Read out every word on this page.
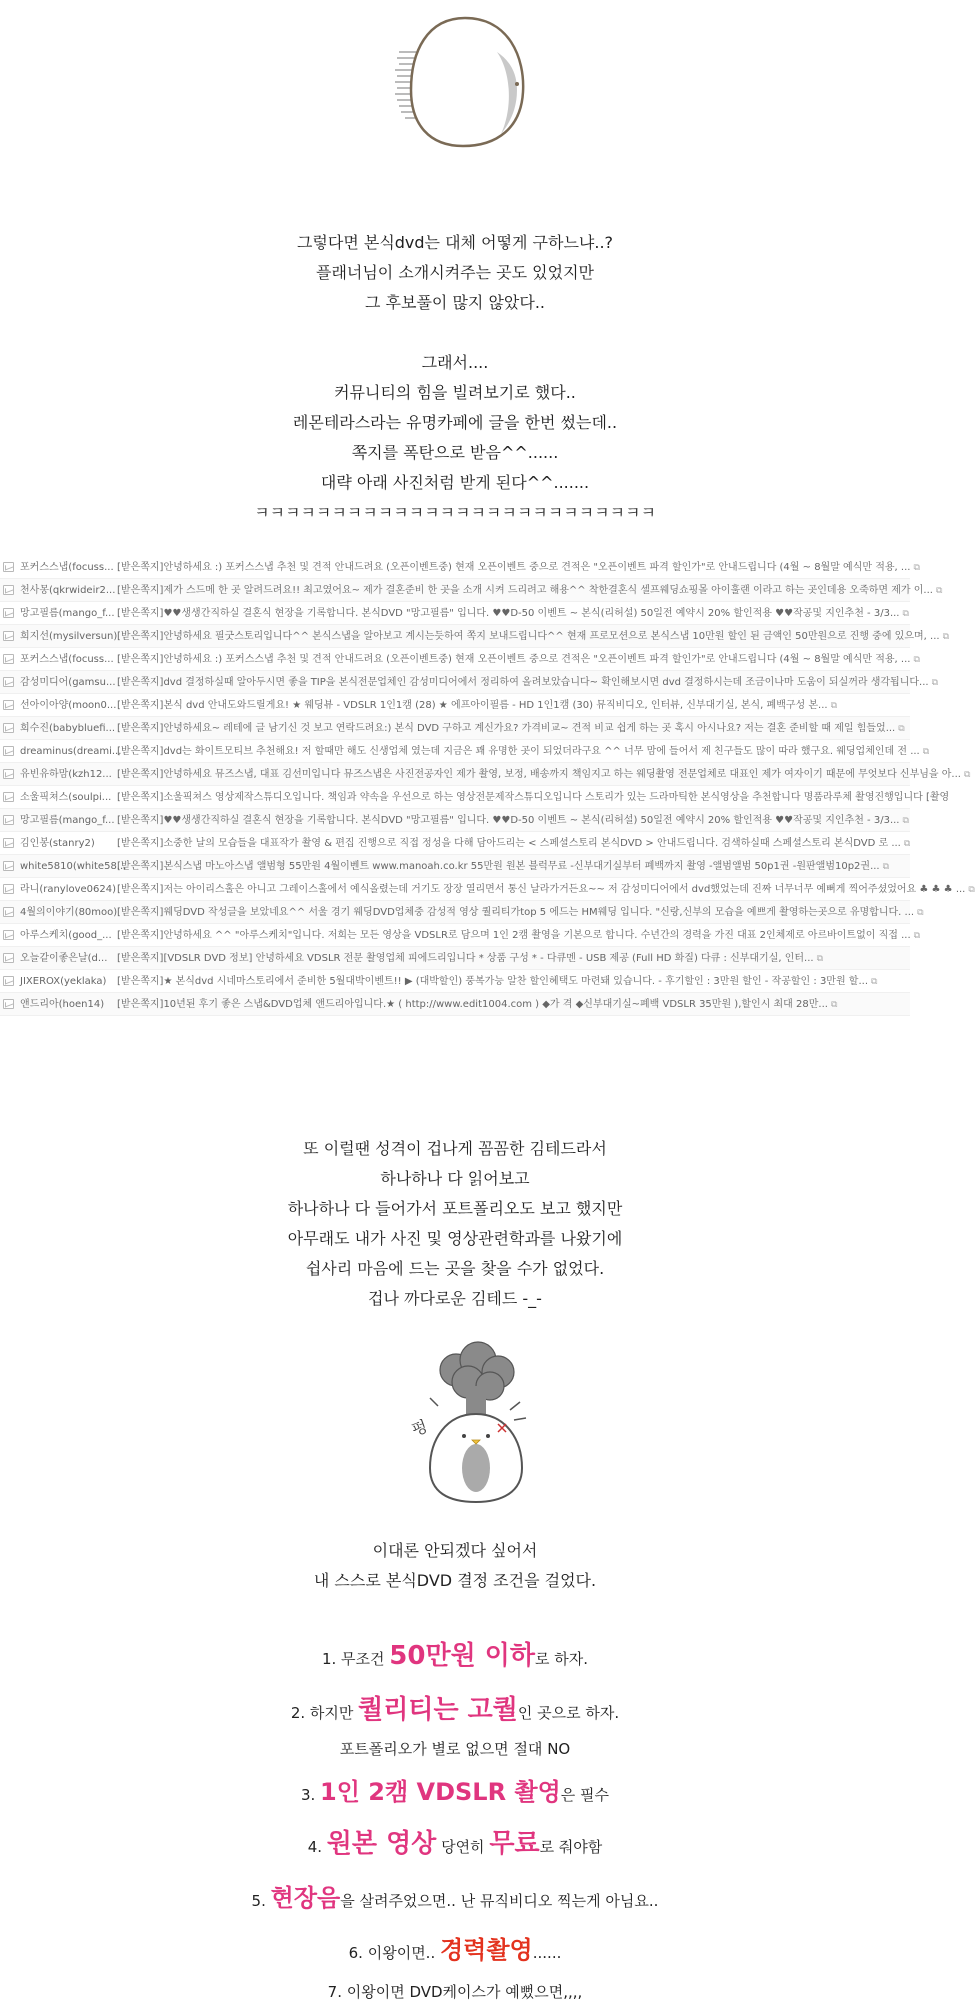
그렇다면 본식dvd는 대체 어떻게 구하느냐..?

플래너님이 소개시켜주는 곳도 있었지만

그 후보풀이 많지 않았다..

그래서....

커뮤니티의 힘을 빌려보기로 했다..

레몬테라스라는 유명카페에 글을 한번 썼는데..

쪽지를 폭탄으로 받음^^......

대략 아래 사진처럼 받게 된다^^.......

ㅋㅋㅋㅋㅋㅋㅋㅋㅋㅋㅋㅋㅋㅋㅋㅋㅋㅋㅋㅋㅋㅋㅋㅋㅋㅋ

포커스스냅(focuss... [받은쪽지]안녕하세요 :) 포커스스냅 추천 및 견적 안내드려요 (오픈이벤트중) 현재 오픈이벤트 중으로 견적은 "오픈이벤트 파격 할인가"로 안내드립니다 (4월 ~ 8월말 예식만 적용, ... ⧉
천사몽(qkrwideir2... [받은쪽지]제가 스드메 한 곳 알려드려요!! 최고였어요~ 제가 결혼준비 한 곳을 소개 시켜 드리려고 해용^^ 착한결혼식 셀프웨딩쇼핑몰 아이훌랜 이라고 하는 곳인데용 오죽하면 제가 이... ⧉
망고필름(mango_f... [받은쪽지]♥♥생생간직하실 결혼식 현장을 기록합니다. 본식DVD "망고필름" 입니다. ♥♥D-50 이벤트 ~ 본식(리허설) 50일전 예약시 20% 할인적용 ♥♥작공및 지인추천 - 3/3... ⧉
희지선(mysilversun) [받은쪽지]안녕하세요 필굿스토리입니다^^ 본식스냅을 알아보고 계시는듯하여 쪽지 보내드립니다^^ 현재 프로모션으로 본식스냅 10만원 할인 된 금액인 50만원으로 진행 중에 있으며, ... ⧉
포커스스냅(focuss... [받은쪽지]안녕하세요 :) 포커스스냅 추천 및 견적 안내드려요 (오픈이벤트중) 현재 오픈이벤트 중으로 견적은 "오픈이벤트 파격 할인가"로 안내드립니다 (4월 ~ 8월말 예식만 적용, ... ⧉
감성미디어(gamsu... [받은쪽지]dvd 결정하실때 알아두시면 좋을 TIP을 본식전문업체인 감성미디어에서 정리하여 올려보았습니다~ 확인해보시면 dvd 결정하시는데 조금이나마 도움이 되실꺼라 생각됩니다... ⧉
선아이아양(moon0... [받은쪽지]본식 dvd 안내도와드릴게요! ★ 웨딩뷰 - VDSLR 1인1캠 (28) ★ 에프아이필름 - HD 1인1캠 (30) 뮤직비디오, 인터뷰, 신부대기실, 본식, 폐백구성 본... ⧉
희수진(babybluefi... [받은쪽지]안녕하세요~ 레테에 글 남기신 것 보고 연락드려요:) 본식 DVD 구하고 계신가요? 가격비교~ 견적 비교 쉽게 하는 곳 혹시 아시나요? 저는 결혼 준비할 때 제일 힘들었... ⧉
dreaminus(dreami...
[받은쪽지]dvd는 화이트모티브 추천해요! 저 할때만 해도 신생업체 였는데 지금은 꽤 유명한 곳이 되었더라구요 ^^ 너무 맘에 들어서 제 친구들도 많이 따라 했구요. 웨딩업체인데 전 ... ⧉
유빈유하맘(kzh12... [받은쪽지]안녕하세요 뮤즈스냅, 대표 김선미입니다 뮤즈스냅은 사진전공자인 제가 촬영, 보정, 배송까지 책임지고 하는 웨딩촬영 전문업체로 대표인 제가 여자이기 때문에 무엇보다 신부님을 아... ⧉
소울픽쳐스(soulpi... [받은쪽지]소울픽쳐스 영상제작스튜디오입니다. 책임과 약속을 우선으로 하는 영상전문제작스튜디오입니다 스토리가 있는 드라마틱한 본식영상을 추천합니다 명품라루체 촬영진행입니다 [촬영
망고필름(mango_f... [받은쪽지]♥♥생생간직하실 결혼식 현장을 기록합니다. 본식DVD "망고필름" 입니다. ♥♥D-50 이벤트 ~ 본식(리허설) 50일전 예약시 20% 할인적용 ♥♥작공및 지인추천 - 3/3... ⧉
김인봉(stanry2)	[받은쪽지]소중한 날의 모습들을 대표작가 촬영 & 편집 진행으로 직접 정성을 다해 담아드리는 < 스페셜스토리 본식DVD > 안내드립니다. 검색하실때 스페셜스토리 본식DVD 로 ... ⧉
white5810(white58...
[받은쪽지]본식스냅 마노아스냅 앨범형 55만원 4월이벤트 www.manoah.co.kr 55만원 원본 블럭무료 -신부대기실부터 폐백까지 촬영 -앨범앨범 50p1권 -원판앨범10p2권... ⧉
라니(ranylove0624) [받은쪽지]저는 아이리스홀은 아니고 그레이스홀에서 예식올렸는데 거기도 장장 열리면서 통신 날라가거든요~~ 저 감성미디어에서 dvd했었는데 진짜 너무너무 예뻐게 찍어주셨었어요 ♣ ♣ ♣ ... ⧉
4월의이야기(80moo) [받은쪽지]웨딩DVD 작성글을 보았네요^^ 서울 경기 웨딩DVD업체중 감성적 영상 퀄리티가top 5 에드는 HM웨딩 입니다. "신랑,신부의 모습을 예쁘게 촬영하는곳으로 유명합니다. ... ⧉
아루스케치(good_... [받은쪽지]안녕하세요 ^^ "아루스케치"입니다. 저희는 모든 영상을 VDSLR로 담으며 1인 2캠 촬영을 기본으로 합니다. 수년간의 경력을 가진 대표 2인체제로 아르바이트없이 직접 ... ⧉
오늘같이좋은날(d... [받은쪽지][VDSLR DVD 정보] 안녕하세요 VDSLR 전문 촬영업체 피에드리입니다 * 상품 구성 * - 다큐멘 - USB 제공 (Full HD 화질) 다큐 : 신부대기실, 인터... ⧉
JIXEROX(yeklaka)	[받은쪽지]★ 본식dvd 시네마스토리에서 준비한 5월대박이벤트!! ▶ (대박할인) 풍복가능 알찬 할인혜택도 마련돼 있습니다. - 후기할인 : 3만원 할인 - 작공할인 : 3만원 할... ⧉
앤드리아(hoen14)	[받은쪽지]10년된 후기 좋은 스냅&DVD업체 앤드리아입니다.★ ( http://www.edit1004.com ) ◆가 격 ◆신부대기실~폐백 VDSLR 35만원 ),할인시 최대 28만... ⧉

또 이럴땐 성격이 겁나게 꼼꼼한 김테드라서

하나하나 다 읽어보고

하나하나 다 들어가서 포트폴리오도 보고 했지만

아무래도 내가 사진 및 영상관련학과를 나왔기에

쉽사리 마음에 드는 곳을 찾을 수가 없었다.

겁나 까다로운 김테드 -_-

펑

이대론 안되겠다 싶어서

내 스스로 본식DVD 결정 조건을 걸었다.

1. 무조건 50만원 이하로 하자.
2. 하지만 퀄리티는 고퀄인 곳으로 하자.
포트폴리오가 별로 없으면 절대 NO
3. 1인 2캠 VDSLR 촬영은 필수
4. 원본 영상 당연히 무료로 줘야함
5. 현장음을 살려주었으면.. 난 뮤직비디오 찍는게 아님요..
6. 이왕이면.. 경력촬영......
7. 이왕이면 DVD케이스가 예뻤으면,,,,
